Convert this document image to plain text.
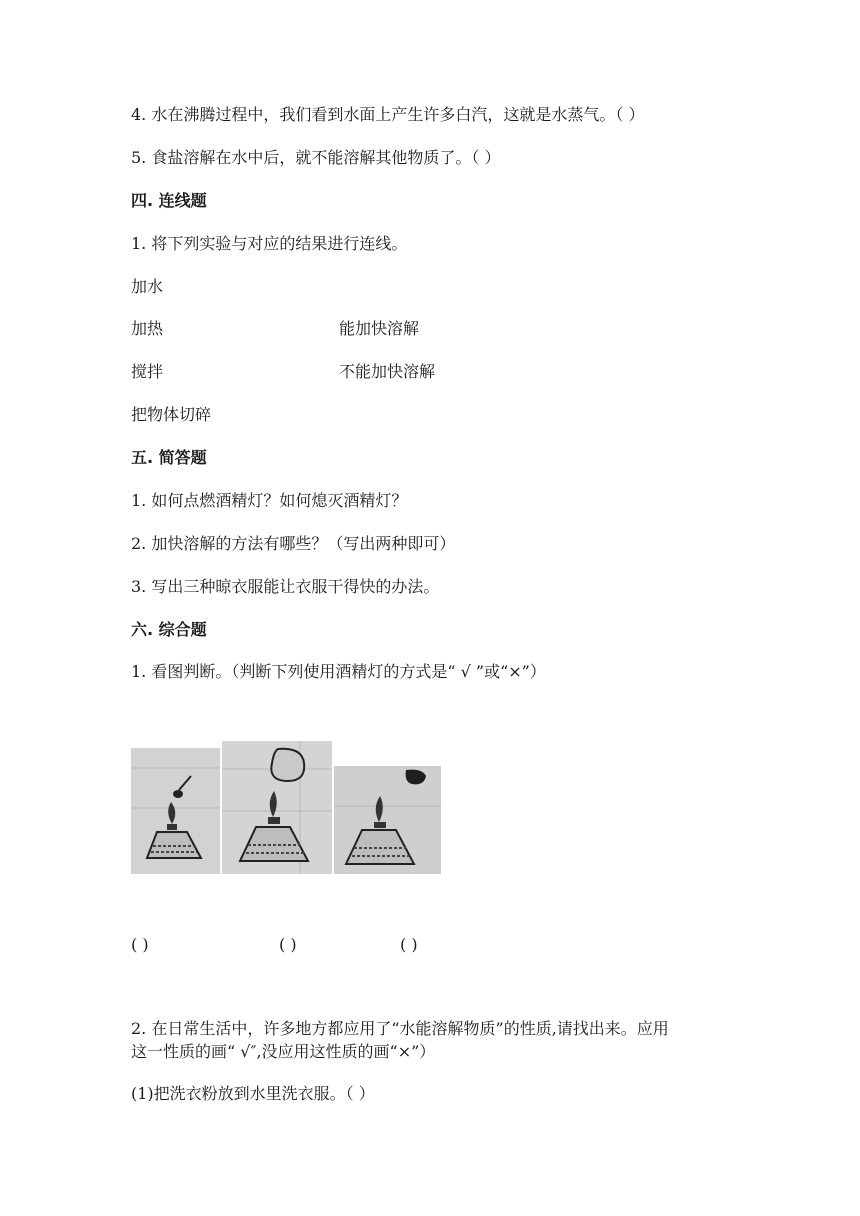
4. 水在沸腾过程中，我们看到水面上产生许多白汽，这就是水蒸气。（ ）
5. 食盐溶解在水中后，就不能溶解其他物质了。（ ）
四. 连线题
1. 将下列实验与对应的结果进行连线。
加水
加热	能加快溶解
搅拌	不能加快溶解
把物体切碎
五. 简答题
1. 如何点燃酒精灯？如何熄灭酒精灯？
2. 加快溶解的方法有哪些？（写出两种即可）
3. 写出三种晾衣服能让衣服干得快的办法。
六. 综合题
1. 看图判断。（判断下列使用酒精灯的方式是“ √ ”或“×”）
( )	( )	( )
2. 在日常生活中，许多地方都应用了“水能溶解物质”的性质,请找出来。应用
这一性质的画“ √″,没应用这性质的画“×”）
(1)把洗衣粉放到水里洗衣服。（ ）
